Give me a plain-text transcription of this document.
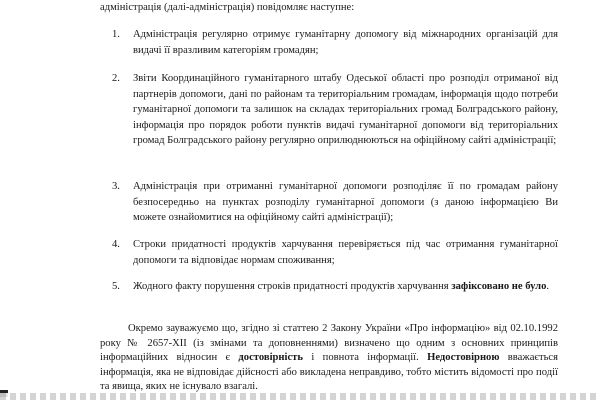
адміністрація (далі-адміністрація) повідомляє наступне:
1. Адміністрація регулярно отримує гуманітарну допомогу від міжнародних організацій для видачі її вразливим категоріям громадян;
2. Звіти Координаційного гуманітарного штабу Одеської області про розподіл отриманої від партнерів допомоги, дані по районам та територіальним громадам, інформація щодо потреби гуманітарної допомоги та залишок на складах територіальних громад Болградського району, інформація про порядок роботи пунктів видачі гуманітарної допомоги від територіальних громад Болградського району регулярно оприлюднюються на офіційному сайті адміністрації;
3. Адміністрація при отриманні гуманітарної допомоги розподіляє її по громадам району безпосередньо на пунктах розподілу гуманітарної допомоги (з даною інформацією Ви можете ознайомитися на офіційному сайті адміністрації);
4. Строки придатності продуктів харчування перевіряється під час отримання гуманітарної допомоги та відповідає нормам споживання;
5. Жодного факту порушення строків придатності продуктів харчування зафіксовано не було.
Окремо зауважуємо що, згідно зі статтею 2 Закону України «Про інформацію» від 02.10.1992 року № 2657-XII (із змінами та доповненнями) визначено що одним з основних принципів інформаційних відносин є достовірність і повнота інформації. Недостовірною вважається інформація, яка не відповідає дійсності або викладена неправдиво, тобто містить відомості про події та явища, яких не існувало взагалі.
